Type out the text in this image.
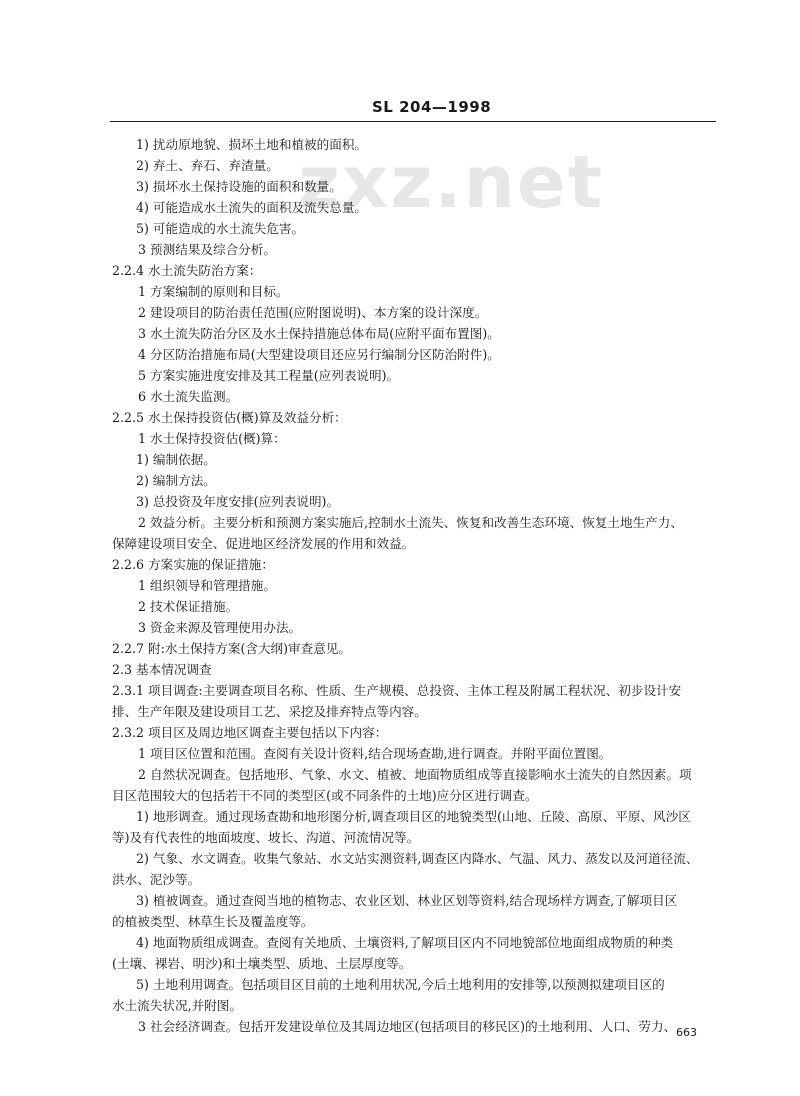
SL 204—1998
zxz.net
1) 扰动原地貌、损坏土地和植被的面积。
2) 弃土、弃石、弃渣量。
3) 损坏水土保持设施的面积和数量。
4) 可能造成水土流失的面积及流失总量。
5) 可能造成的水土流失危害。
3 预测结果及综合分析。
2.2.4 水土流失防治方案：
1 方案编制的原则和目标。
2 建设项目的防治责任范围(应附图说明)、本方案的设计深度。
3 水土流失防治分区及水土保持措施总体布局(应附平面布置图)。
4 分区防治措施布局(大型建设项目还应另行编制分区防治附件)。
5 方案实施进度安排及其工程量(应列表说明)。
6 水土流失监测。
2.2.5 水土保持投资估(概)算及效益分析：
1 水土保持投资估(概)算：
1) 编制依据。
2) 编制方法。
3) 总投资及年度安排(应列表说明)。
2 效益分析。主要分析和预测方案实施后,控制水土流失、恢复和改善生态环境、恢复土地生产力、
保障建设项目安全、促进地区经济发展的作用和效益。
2.2.6 方案实施的保证措施：
1 组织领导和管理措施。
2 技术保证措施。
3 资金来源及管理使用办法。
2.2.7 附:水土保持方案(含大纲)审查意见。
2.3 基本情况调查
2.3.1 项目调查:主要调查项目名称、性质、生产规模、总投资、主体工程及附属工程状况、初步设计安
排、生产年限及建设项目工艺、采挖及排弃特点等内容。
2.3.2 项目区及周边地区调查主要包括以下内容：
1 项目区位置和范围。查阅有关设计资料,结合现场查勘,进行调查。并附平面位置图。
2 自然状况调查。包括地形、气象、水文、植被、地面物质组成等直接影响水土流失的自然因素。项
目区范围较大的包括若干不同的类型区(或不同条件的土地)应分区进行调查。
1) 地形调查。通过现场查勘和地形图分析,调查项目区的地貌类型(山地、丘陵、高原、平原、风沙区
等)及有代表性的地面坡度、坡长、沟道、河流情况等。
2) 气象、水文调查。收集气象站、水文站实测资料,调查区内降水、气温、风力、蒸发以及河道径流、
洪水、泥沙等。
3) 植被调查。通过查阅当地的植物志、农业区划、林业区划等资料,结合现场样方调查,了解项目区
的植被类型、林草生长及覆盖度等。
4) 地面物质组成调查。查阅有关地质、土壤资料,了解项目区内不同地貌部位地面组成物质的种类
(土壤、裸岩、明沙)和土壤类型、质地、土层厚度等。
5) 土地利用调查。包括项目区目前的土地利用状况,今后土地利用的安排等,以预测拟建项目区的
水土流失状况,并附图。
3 社会经济调查。包括开发建设单位及其周边地区(包括项目的移民区)的土地利用、人口、劳力、 663
